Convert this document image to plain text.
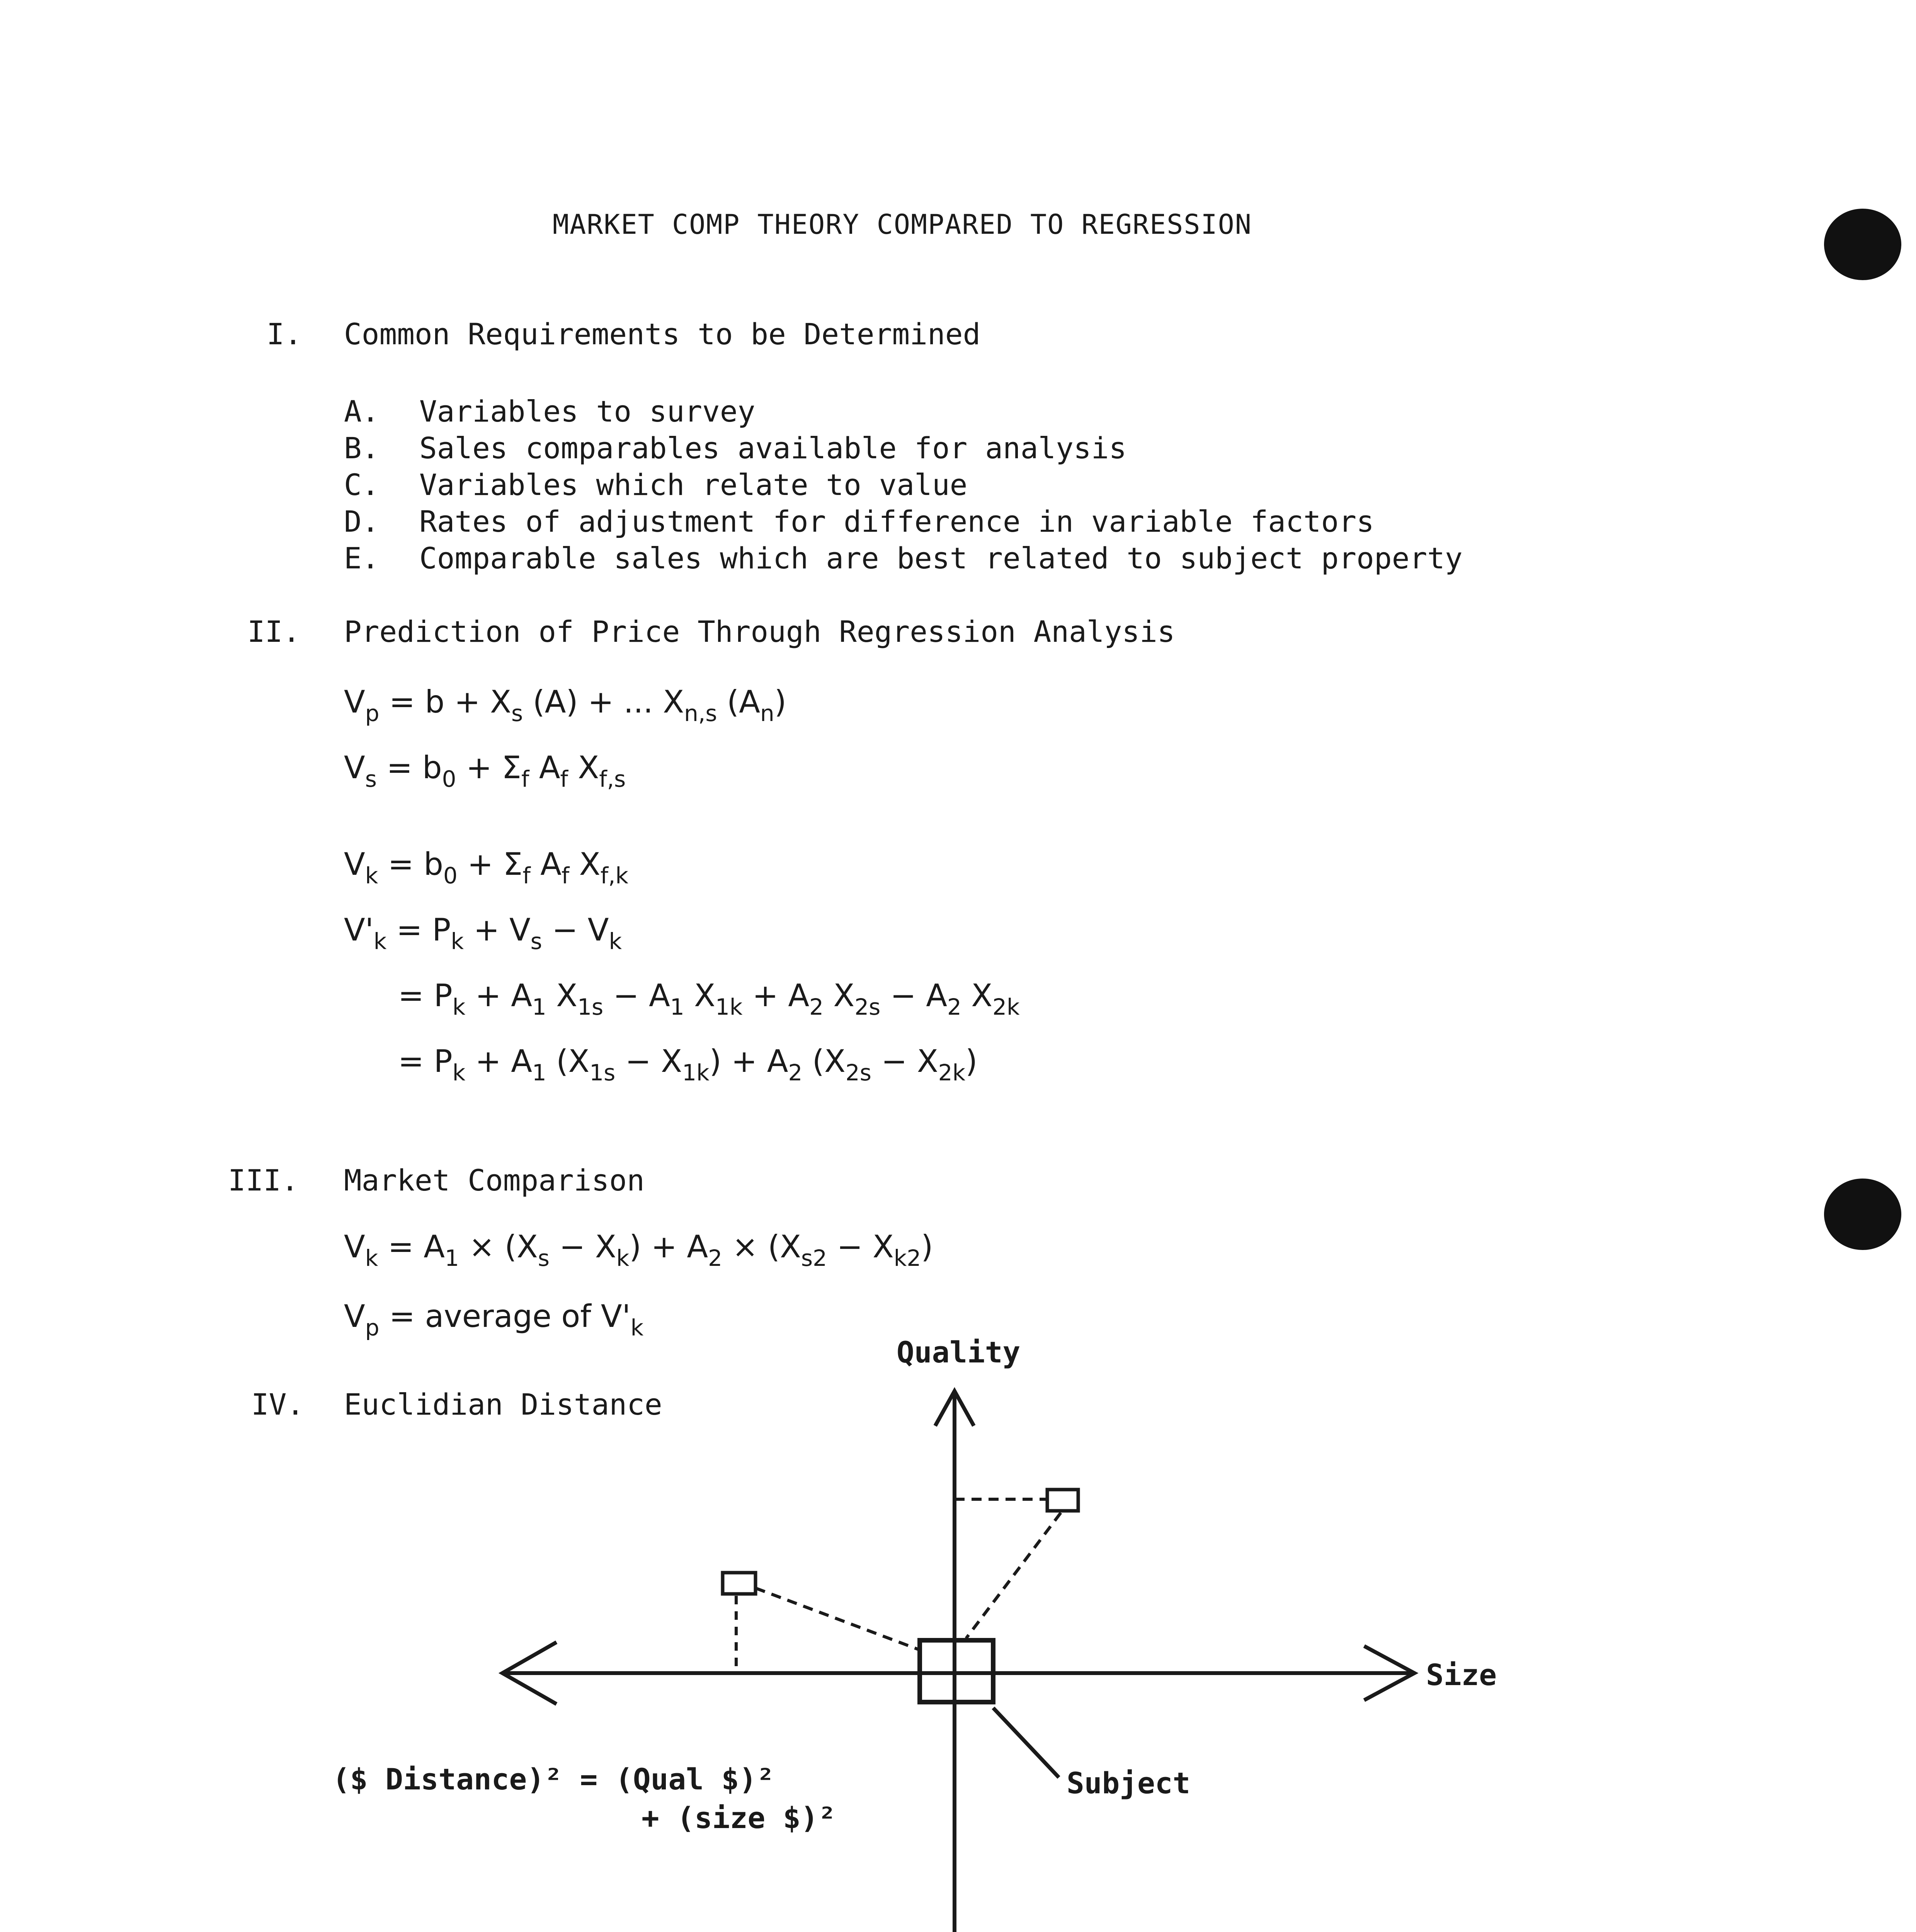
MARKET COMP THEORY COMPARED TO REGRESSION
I. Common Requirements to be Determined
A. Variables to survey
B. Sales comparables available for analysis
C. Variables which relate to value
D. Rates of adjustment for difference in variable factors
E. Comparable sales which are best related to subject property
II. Prediction of Price Through Regression Analysis
$V_p = b + X_s$ (A) + ... $X_{n,s}$ $(A_n)$
$V_s = b_0 + \Sigma_f$ $A_f$ $X_{f,s}$
$V_k = b_0 + \Sigma_f$ $A_f$ $X_{f,k}$
$V'_k = P_k + V_s - V_k$
= $P_k + A_1$ $X_{1s} - A_1$ $X_{1k} + A_2$ $X_{2s} - A_2$ $X_{2k}$
= $P_k + A_1$ $(X_{1s} - X_{1k}) + A_2$ $(X_{2s} - X_{2k})$
III. Market Comparison
$V_k = A_1 \times (X_s - X_k) + A_2 \times (X_{s2} - X_{k2})$
$V_p$ = average of $V'_k$
IV. Euclidian Distance
Quality
Size
Subject
($ Distance)² = (Qual $)²
+ (size $)²
